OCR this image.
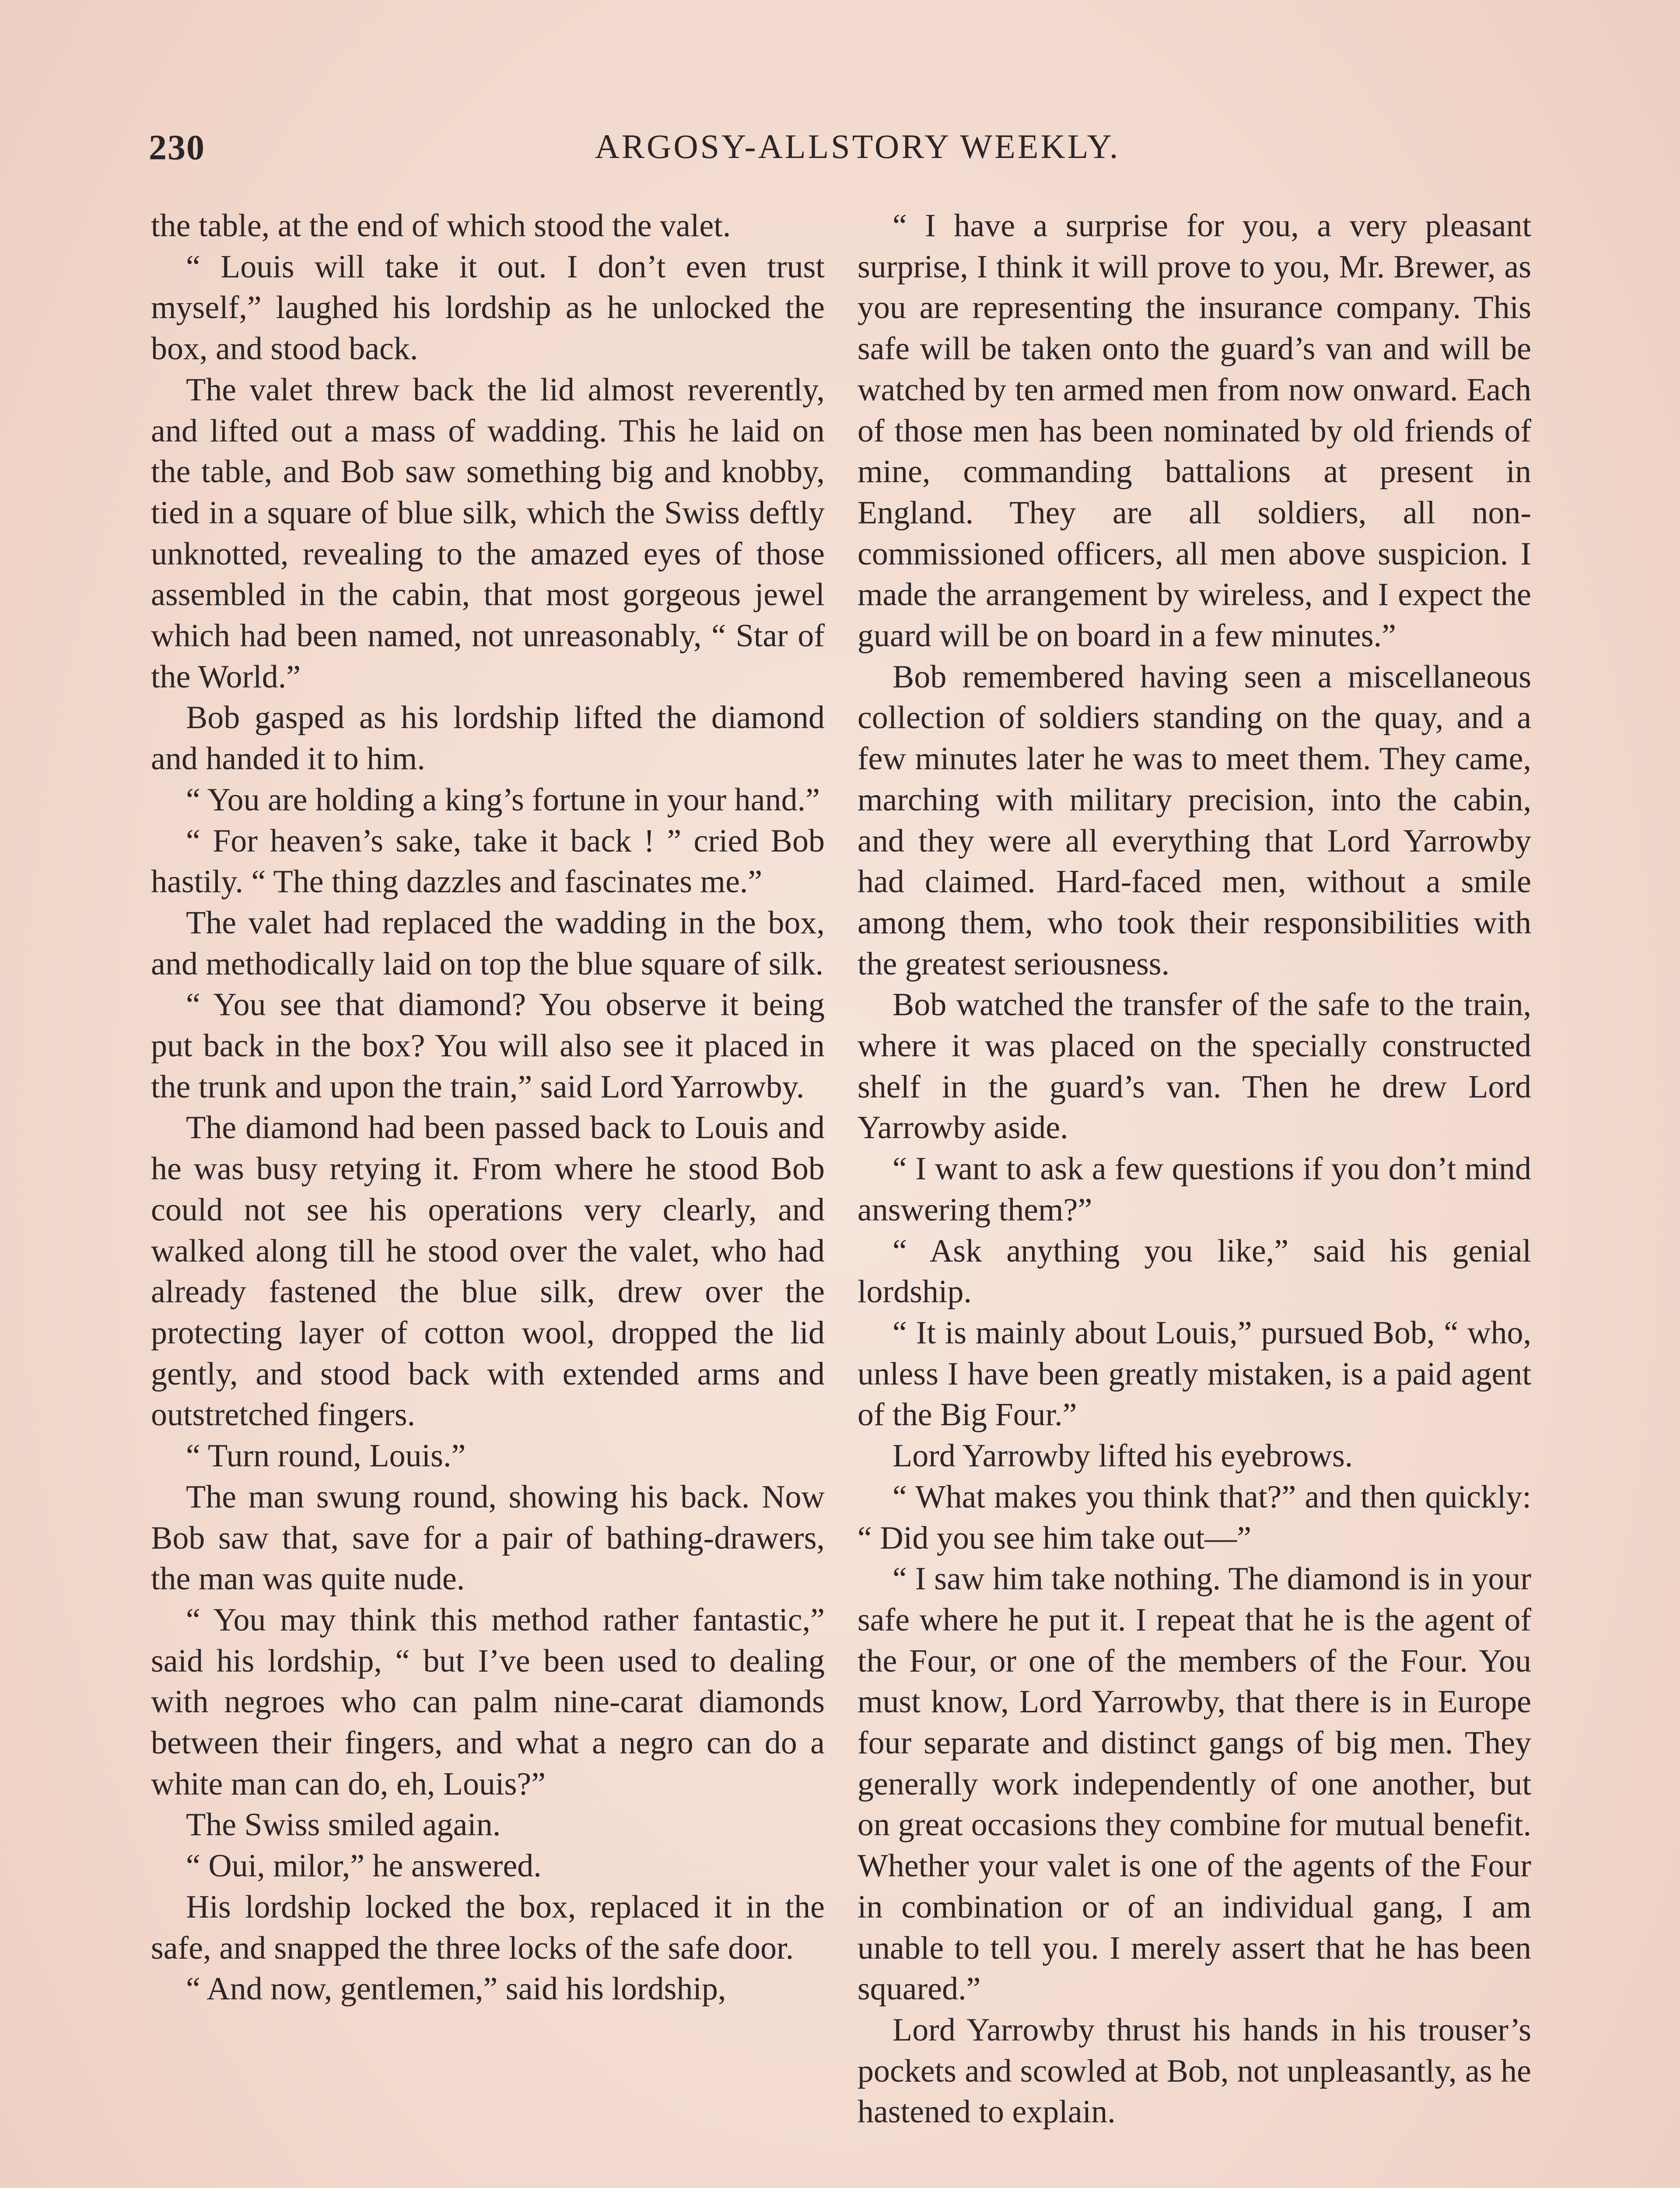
230	ARGOSY-ALLSTORY WEEKLY.

the table, at the end of which stood the valet.

“ Louis will take it out. I don’t even trust myself,” laughed his lordship as he unlocked the box, and stood back.

The valet threw back the lid almost reverently, and lifted out a mass of wadding. This he laid on the table, and Bob saw something big and knobby, tied in a square of blue silk, which the Swiss deftly unknotted, revealing to the amazed eyes of those assembled in the cabin, that most gorgeous jewel which had been named, not unreasonably, “ Star of the World.”

Bob gasped as his lordship lifted the diamond and handed it to him.

“ You are holding a king’s fortune in your hand.”

“ For heaven’s sake, take it back ! ” cried Bob hastily. “ The thing dazzles and fascinates me.”

The valet had replaced the wadding in the box, and methodically laid on top the blue square of silk.

“ You see that diamond? You observe it being put back in the box? You will also see it placed in the trunk and upon the train,” said Lord Yarrowby.

The diamond had been passed back to Louis and he was busy retying it. From where he stood Bob could not see his operations very clearly, and walked along till he stood over the valet, who had already fastened the blue silk, drew over the protecting layer of cotton wool, dropped the lid gently, and stood back with extended arms and outstretched fingers.

“ Turn round, Louis.”

The man swung round, showing his back. Now Bob saw that, save for a pair of bathing-drawers, the man was quite nude.

“ You may think this method rather fantastic,” said his lordship, “ but I’ve been used to dealing with negroes who can palm nine-carat diamonds between their fingers, and what a negro can do a white man can do, eh, Louis?”

The Swiss smiled again.

“ Oui, milor,” he answered.

His lordship locked the box, replaced it in the safe, and snapped the three locks of the safe door.

“ And now, gentlemen,” said his lordship,

“ I have a surprise for you, a very pleasant surprise, I think it will prove to you, Mr. Brewer, as you are representing the insurance company. This safe will be taken onto the guard’s van and will be watched by ten armed men from now onward. Each of those men has been nominated by old friends of mine, commanding battalions at present in England. They are all soldiers, all non-commissioned officers, all men above suspicion. I made the arrangement by wireless, and I expect the guard will be on board in a few minutes.”

Bob remembered having seen a miscellaneous collection of soldiers standing on the quay, and a few minutes later he was to meet them. They came, marching with military precision, into the cabin, and they were all everything that Lord Yarrowby had claimed. Hard-faced men, without a smile among them, who took their responsibilities with the greatest seriousness.

Bob watched the transfer of the safe to the train, where it was placed on the specially constructed shelf in the guard’s van. Then he drew Lord Yarrowby aside.

“ I want to ask a few questions if you don’t mind answering them?”

“ Ask anything you like,” said his genial lordship.

“ It is mainly about Louis,” pursued Bob, “ who, unless I have been greatly mistaken, is a paid agent of the Big Four.”

Lord Yarrowby lifted his eyebrows.

“ What makes you think that?” and then quickly: “ Did you see him take out—”

“ I saw him take nothing. The diamond is in your safe where he put it. I repeat that he is the agent of the Four, or one of the members of the Four. You must know, Lord Yarrowby, that there is in Europe four separate and distinct gangs of big men. They generally work independently of one another, but on great occasions they combine for mutual benefit. Whether your valet is one of the agents of the Four in combination or of an individual gang, I am unable to tell you. I merely assert that he has been squared.”

Lord Yarrowby thrust his hands in his trouser’s pockets and scowled at Bob, not unpleasantly, as he hastened to explain.
